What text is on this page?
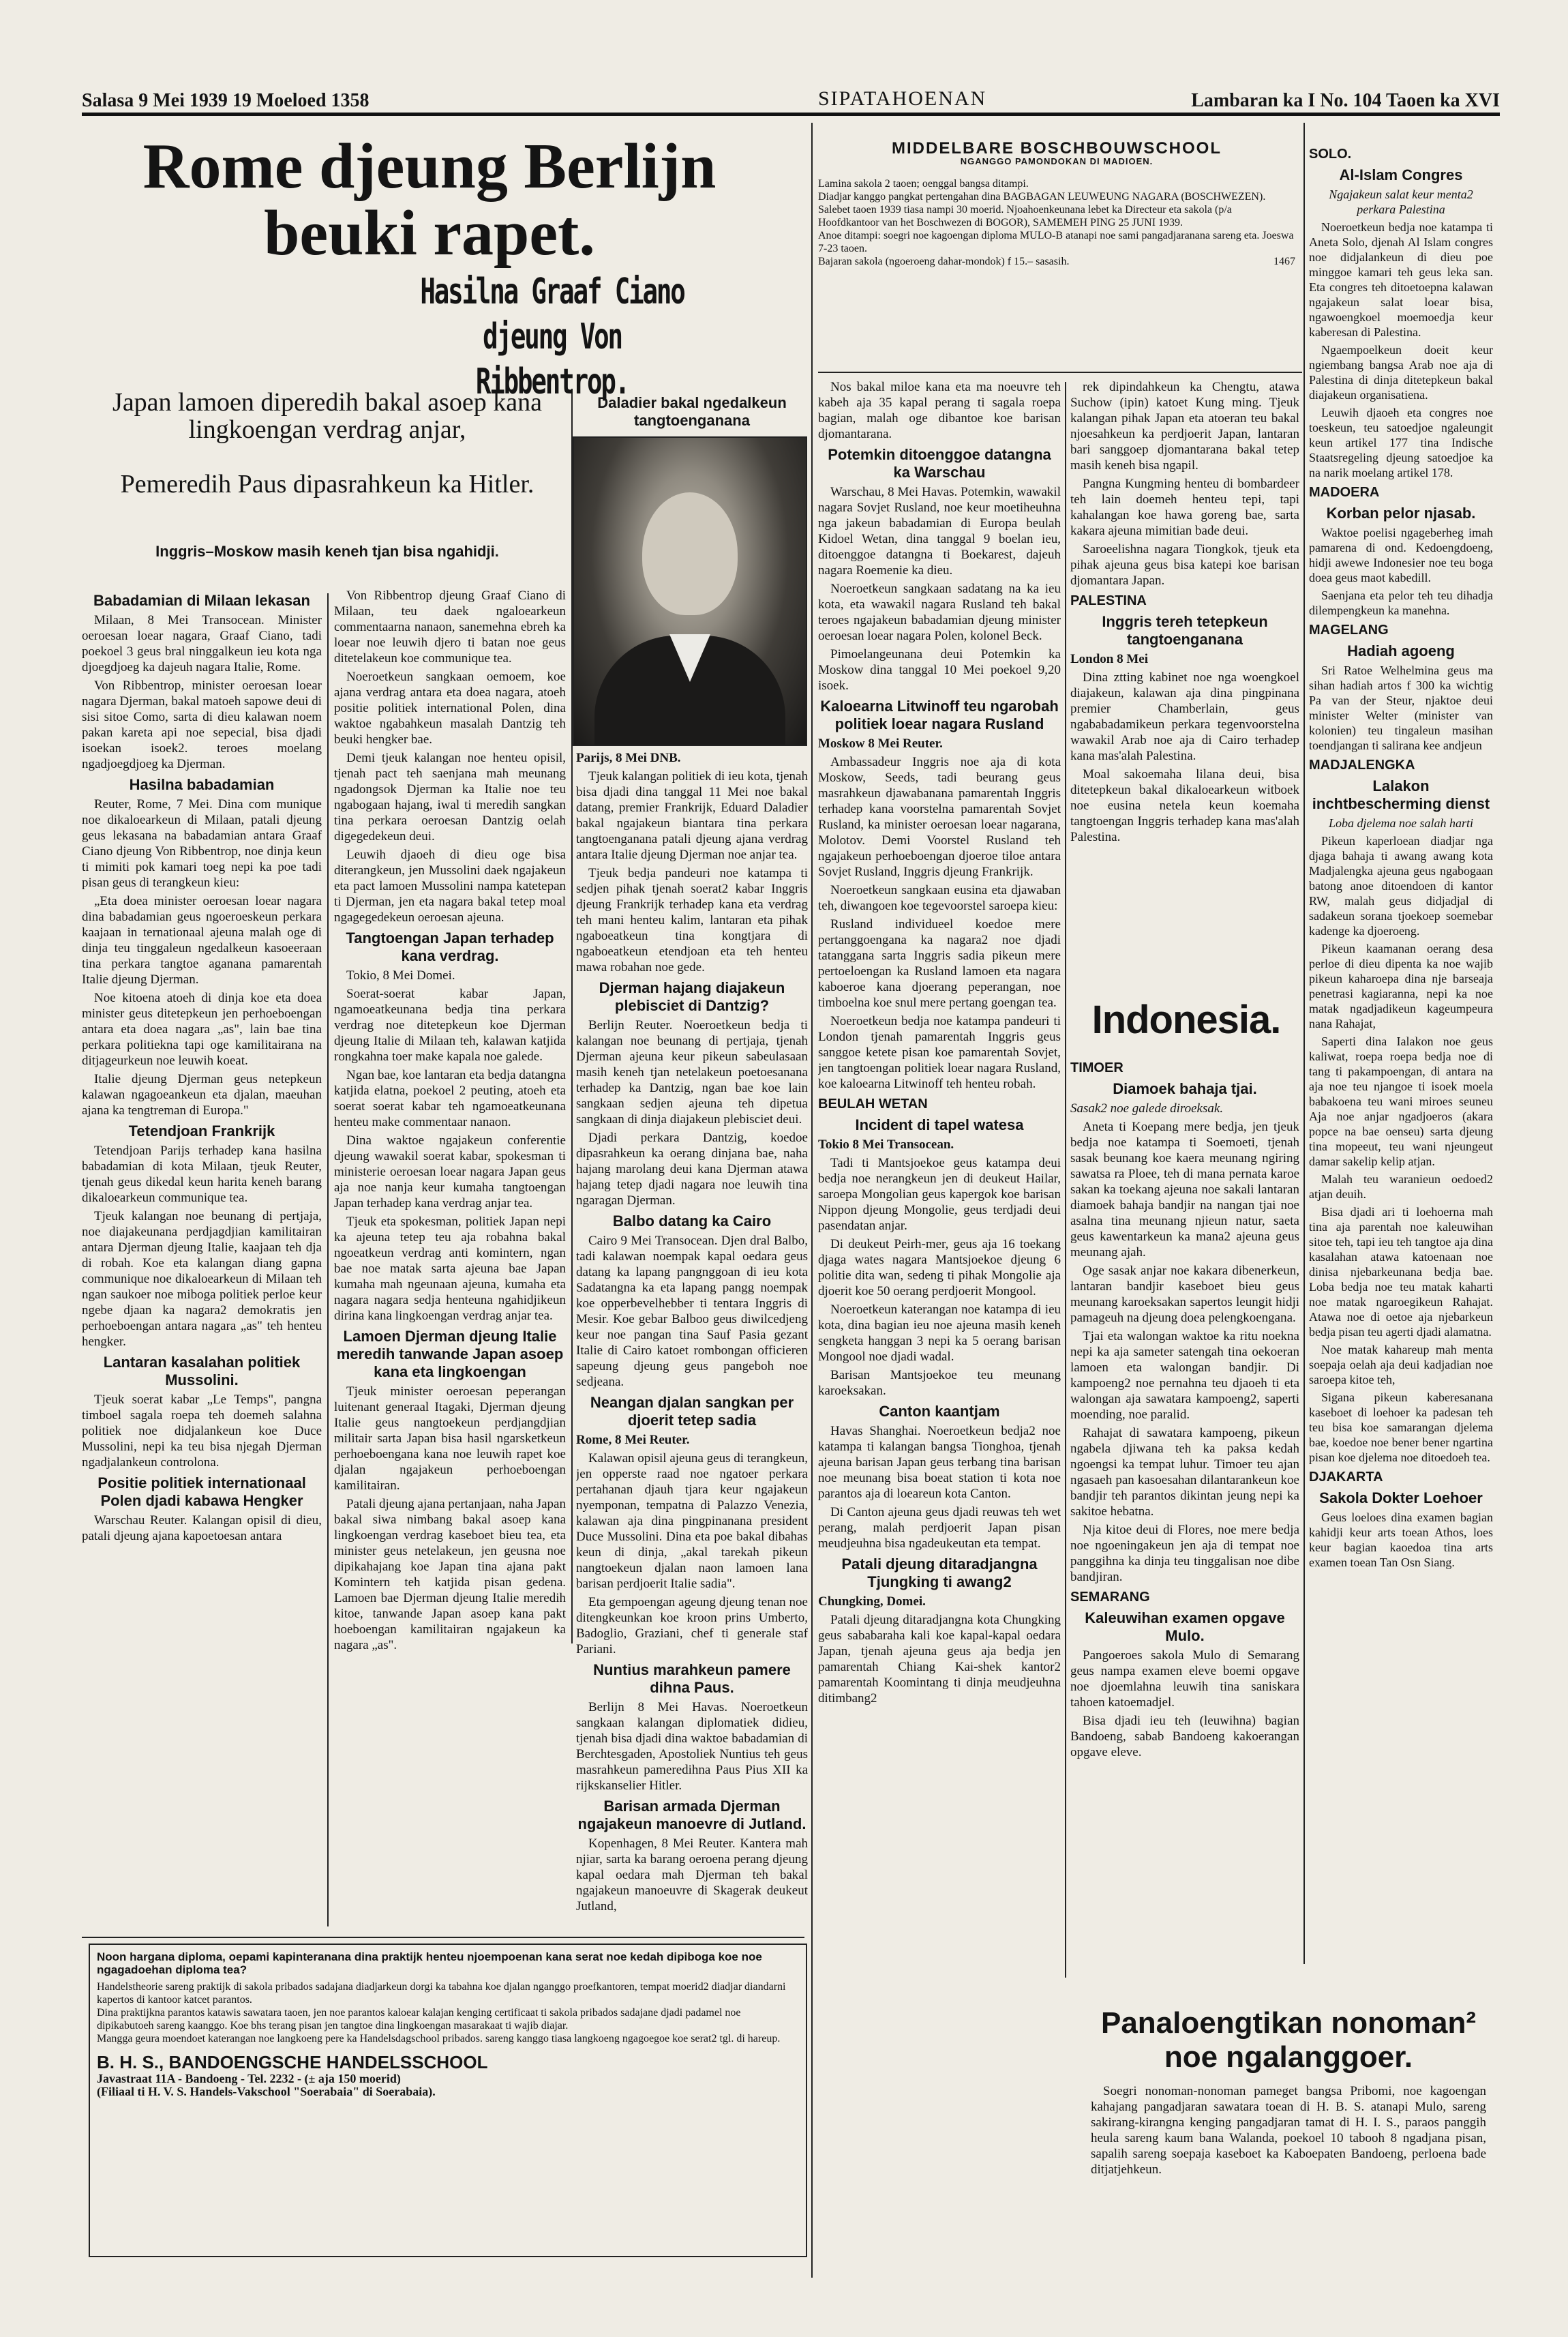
Salasa 9 Mei 1939 19 Moeloed 1358	SIPATAHOENAN	Lambaran ka I No. 104 Taoen ka XVI
Rome djeung Berlijn beuki rapet.
Hasilna Graaf Ciano djeung Von Ribbentrop.
Japan lamoen diperedih bakal asoep kana lingkoengan verdrag anjar,
Pemeredih Paus dipasrahkeun ka Hitler.
Inggris–Moskow masih keneh tjan bisa ngahidji.
Babadamian di Milaan lekasan

Milaan, 8 Mei Transocean. Minister oeroesan loear nagara, Graaf Ciano, tadi poekoel 3 geus bral ninggalkeun ieu kota nga djoegdjoeg ka dajeuh nagara Italie, Rome.

Von Ribbentrop, minister oeroesan loear nagara Djerman, bakal matoeh sapowe deui di sisi sitoe Como, sarta di dieu kalawan noem pakan kareta api noe sepecial, bisa djadi isoekan isoek2. teroes moelang ngadjoegdjoeg ka Djerman.

Hasilna babadamian

Reuter, Rome, 7 Mei. Dina com munique noe dikaloearkeun di Milaan, patali djeung geus lekasana na babadamian antara Graaf Ciano djeung Von Ribbentrop, noe dinja keun ti mimiti pok kamari toeg nepi ka poe tadi pisan geus di terangkeun kieu:

„Eta doea minister oeroesan loear nagara dina babadamian geus ngoeroeskeun perkara kaajaan in ternationaal ajeuna malah oge di dinja teu tinggaleun ngedalkeun kasoeeraan tina perkara tangtoe aganana pamarentah Italie djeung Djerman.

Noe kitoena atoeh di dinja koe eta doea minister geus ditetepkeun jen perhoeboengan antara eta doea nagara „as", lain bae tina perkara politiekna tapi oge kamilitairana na ditjageurkeun noe leuwih koeat.

Italie djeung Djerman geus netepkeun kalawan ngagoeankeun eta djalan, maeuhan ajana ka tengtreman di Europa."

Tetendjoan Frankrijk

Tetendjoan Parijs terhadep kana hasilna babadamian di kota Milaan, tjeuk Reuter, tjenah geus dikedal keun harita keneh barang dikaloearkeun communique tea.

Tjeuk kalangan noe beunang di pertjaja, noe diajakeunana perdjagdjian kamilitairan antara Djerman djeung Italie, kaajaan teh dja di robah. Koe eta kalangan diang gapna communique noe dikaloearkeun di Milaan teh ngan saukoer noe miboga politiek perloe keur ngebe djaan ka nagara2 demokratis jen perhoeboengan antara nagara „as" teh henteu hengker.

Lantaran kasalahan politiek Mussolini.

Tjeuk soerat kabar „Le Temps", pangna timboel sagala roepa teh doemeh salahna politiek noe didjalankeun koe Duce Mussolini, nepi ka teu bisa njegah Djerman ngadjalankeun controlona.

Positie politiek internationaal Polen djadi kabawa Hengker

Warschau Reuter. Kalangan opisil di dieu, patali djeung ajana kapoetoesan antara

Von Ribbentrop djeung Graaf Ciano di Milaan, teu daek ngaloearkeun commentaarna nanaon, sanemehna ebreh ka loear noe leuwih djero ti batan noe geus ditetelakeun koe communique tea.

Noeroetkeun sangkaan oemoem, koe ajana verdrag antara eta doea nagara, atoeh positie politiek international Polen, dina waktoe ngabahkeun masalah Dantzig teh beuki hengker bae.

Demi tjeuk kalangan noe henteu opisil, tjenah pact teh saenjana mah meunang ngadongsok Djerman ka Italie noe teu ngabogaan hajang, iwal ti meredih sangkan tina perkara oeroesan Dantzig oelah digegedekeun deui.

Leuwih djaoeh di dieu oge bisa diterangkeun, jen Mussolini daek ngajakeun eta pact lamoen Mussolini nampa katetepan ti Djerman, jen eta nagara bakal tetep moal ngagegedekeun oeroesan ajeuna.

Tangtoengan Japan terhadep kana verdrag.

Tokio, 8 Mei Domei.

Soerat-soerat kabar Japan, ngamoeatkeunana bedja tina perkara verdrag noe ditetepkeun koe Djerman djeung Italie di Milaan teh, kalawan katjida rongkahna toer make kapala noe galede.

Ngan bae, koe lantaran eta bedja datangna katjida elatna, poekoel 2 peuting, atoeh eta soerat soerat kabar teh ngamoeatkeunana henteu make commentaar nanaon.

Dina waktoe ngajakeun conferentie djeung wawakil soerat kabar, spokesman ti ministerie oeroesan loear nagara Japan geus aja noe nanja keur kumaha tangtoengan Japan terhadep kana verdrag anjar tea.

Tjeuk eta spokesman, politiek Japan nepi ka ajeuna tetep teu aja robahna bakal ngoeatkeun verdrag anti komintern, ngan bae noe matak sarta ajeuna bae Japan kumaha mah ngeunaan ajeuna, kumaha eta nagara nagara sedja henteuna ngahidjikeun dirina kana lingkoengan verdrag anjar tea.

Lamoen Djerman djeung Italie meredih tanwande Japan asoep kana eta lingkoengan

Tjeuk minister oeroesan peperangan luitenant generaal Itagaki, Djerman djeung Italie geus nangtoekeun perdjangdjian militair sarta Japan bisa hasil ngarsketkeun perhoeboengana kana noe leuwih rapet koe djalan ngajakeun perhoeboengan kamilitairan.

Patali djeung ajana pertanjaan, naha Japan bakal siwa nimbang bakal asoep kana lingkoengan verdrag kaseboet bieu tea, eta minister geus netelakeun, jen geusna noe dipikahajang koe Japan tina ajana pakt Komintern teh katjida pisan gedena. Lamoen bae Djerman djeung Italie meredih kitoe, tanwande Japan asoep kana pakt hoeboengan kamilitairan ngajakeun ka nagara „as".

Daladier bakal ngedalkeun tangtoenganana

Parijs, 8 Mei DNB.

Tjeuk kalangan politiek di ieu kota, tjenah bisa djadi dina tanggal 11 Mei noe bakal datang, premier Frankrijk, Eduard Daladier bakal ngajakeun biantara tina perkara tangtoenganana patali djeung ajana verdrag antara Italie djeung Djerman noe anjar tea.

Tjeuk bedja pandeuri noe katampa ti sedjen pihak tjenah soerat2 kabar Inggris djeung Frankrijk terhadep kana eta verdrag teh mani henteu kalim, lantaran eta pihak ngaboeatkeun tina kongtjara di ngaboeatkeun etendjoan eta teh henteu mawa robahan noe gede.

Djerman hajang diajakeun plebisciet di Dantzig?

Berlijn Reuter. Noeroetkeun bedja ti kalangan noe beunang di pertjaja, tjenah Djerman ajeuna keur pikeun sabeulasaan masih keneh tjan netelakeun poetoesanana terhadep ka Dantzig, ngan bae koe lain sangkaan sedjen ajeuna teh dipetua sangkaan di dinja diajakeun plebisciet deui.

Djadi perkara Dantzig, koedoe dipasrahkeun ka oerang dinjana bae, naha hajang marolang deui kana Djerman atawa hajang tetep djadi nagara noe leuwih tina ngaragan Djerman.

Balbo datang ka Cairo

Cairo 9 Mei Transocean. Djen dral Balbo, tadi kalawan noempak kapal oedara geus datang ka lapang pangnggoan di ieu kota Sadatangna ka eta lapang pangg noempak koe opperbevelhebber ti tentara Inggris di Mesir. Koe gebar Balboo geus diwilcedjeng keur noe pangan tina Sauf Pasia gezant Italie di Cairo katoet rombongan officieren sapeung djeung geus pangeboh noe sedjeana.

Neangan djalan sangkan per djoerit tetep sadia

Rome, 8 Mei Reuter.

Kalawan opisil ajeuna geus di terangkeun, jen opperste raad noe ngatoer perkara pertahanan djauh tjara keur ngajakeun nyemponan, tempatna di Palazzo Venezia, kalawan aja dina pingpinanana president Duce Mussolini. Dina eta poe bakal dibahas keun di dinja, „akal tarekah pikeun nangtoekeun djalan naon lamoen lana barisan perdjoerit Italie sadia".

Eta gempoengan ageung djeung tenan noe ditengkeunkan koe kroon prins Umberto, Badoglio, Graziani, chef ti generale staf Pariani.

Nuntius marahkeun pamere dihna Paus.

Berlijn 8 Mei Havas. Noeroetkeun sangkaan kalangan diplomatiek didieu, tjenah bisa djadi dina waktoe babadamian di Berchtesgaden, Apostoliek Nuntius teh geus masrahkeun pameredihna Paus Pius XII ka rijkskanselier Hitler.

Barisan armada Djerman ngajakeun manoevre di Jutland.

Kopenhagen, 8 Mei Reuter. Kantera mah njiar, sarta ka barang oeroena perang djeung kapal oedara mah Djerman teh bakal ngajakeun manoeuvre di Skagerak deukeut Jutland,

MIDDELBARE BOSCHBOUWSCHOOL
NGANGGO PAMONDOKAN DI MADIOEN.
Lamina sakola 2 taoen; oenggal bangsa ditampi.
Diadjar kanggo pangkat pertengahan dina BAGBAGAN LEUWEUNG NAGARA (BOSCHWEZEN).
Salebet taoen 1939 tiasa nampi 30 moerid. Njoahoenkeunana lebet ka Directeur eta sakola (p/a Hoofdkantoor van het Boschwezen di BOGOR), SAMEMEH PING 25 JUNI 1939.
Anoe ditampi: soegri noe kagoengan diploma MULO-B atanapi noe sami pangadjaranana sareng eta. Joeswa 7-23 taoen.
Bajaran sakola (ngoeroeng dahar-mondok) f 15.– sasasih.	1467

Nos bakal miloe kana eta ma noeuvre teh kabeh aja 35 kapal perang ti sagala roepa bagian, malah oge dibantoe koe barisan djomantarana.

Potemkin ditoenggoe datangna ka Warschau

Warschau, 8 Mei Havas. Potemkin, wawakil nagara Sovjet Rusland, noe keur moetiheuhna nga jakeun babadamian di Europa beulah Kidoel Wetan, dina tanggal 9 boelan ieu, ditoenggoe datangna ti Boekarest, dajeuh nagara Roemenie ka dieu.

Noeroetkeun sangkaan sadatang na ka ieu kota, eta wawakil nagara Rusland teh bakal teroes ngajakeun babadamian djeung minister oeroesan loear nagara Polen, kolonel Beck.

Pimoelangeunana deui Potemkin ka Moskow dina tanggal 10 Mei poekoel 9,20 isoek.

Kaloearna Litwinoff teu ngarobah politiek loear nagara Rusland

Moskow 8 Mei Reuter.

Ambassadeur Inggris noe aja di kota Moskow, Seeds, tadi beurang geus masrahkeun djawabanana pamarentah Inggris terhadep kana voorstelna pamarentah Sovjet Rusland, ka minister oeroesan loear nagarana, Molotov. Demi Voorstel Rusland teh ngajakeun perhoeboengan djoeroe tiloe antara Sovjet Rusland, Inggris djeung Frankrijk.

Noeroetkeun sangkaan eusina eta djawaban teh, diwangoen koe tegevoorstel saroepa kieu:

Rusland individueel koedoe mere pertanggoengana ka nagara2 noe djadi tatanggana sarta Inggris sadia pikeun mere pertoeloengan ka Rusland lamoen eta nagara kaboeroe kana djoerang peperangan, noe timboelna koe snul mere pertang goengan tea.

Noeroetkeun bedja noe katampa pandeuri ti London tjenah pamarentah Inggris geus sanggoe ketete pisan koe pamarentah Sovjet, jen tangtoengan politiek loear nagara Rusland, koe kaloearna Litwinoff teh henteu robah.

BEULAH WETAN
Incident di tapel watesa

Tokio 8 Mei Transocean.

Tadi ti Mantsjoekoe geus katampa deui bedja noe nerangkeun jen di deukeut Hailar, saroepa Mongolian geus kapergok koe barisan Nippon djeung Mongolie, geus terdjadi deui pasendatan anjar.

Di deukeut Peirh-mer, geus aja 16 toekang djaga wates nagara Mantsjoekoe djeung 6 politie dita wan, sedeng ti pihak Mongolie aja djoerit koe 50 oerang perdjoerit Mongool.

Noeroetkeun katerangan noe katampa di ieu kota, dina bagian ieu noe ajeuna masih keneh sengketa hanggan 3 nepi ka 5 oerang barisan Mongool noe djadi wadal.

Barisan Mantsjoekoe teu meunang karoeksakan.

Canton kaantjam

Havas Shanghai. Noeroetkeun bedja2 noe katampa ti kalangan bangsa Tionghoa, tjenah ajeuna barisan Japan geus terbang tina barisan noe meunang bisa boeat station ti kota noe parantos aja di loeareun kota Canton.

Di Canton ajeuna geus djadi reuwas teh wet perang, malah perdjoerit Japan pisan meudjeuhna bisa ngadeukeutan eta tempat.

Patali djeung ditaradjangna Tjungking ti awang2

Chungking, Domei.

Patali djeung ditaradjangna kota Chungking geus sababaraha kali koe kapal-kapal oedara Japan, tjenah ajeuna geus aja bedja jen pamarentah Chiang Kai-shek kantor2 pamarentah Koomintang ti dinja meudjeuhna ditimbang2

rek dipindahkeun ka Chengtu, atawa Suchow (ipin) katoet Kung ming. Tjeuk kalangan pihak Japan eta atoeran teu bakal njoesahkeun ka perdjoerit Japan, lantaran bari sanggoep djomantarana bakal tetep masih keneh bisa ngapil.

Pangna Kungming henteu di bombardeer teh lain doemeh henteu tepi, tapi kahalangan koe hawa goreng bae, sarta kakara ajeuna mimitian bade deui.

Saroeelishna nagara Tiongkok, tjeuk eta pihak ajeuna geus bisa katepi koe barisan djomantara Japan.

PALESTINA
Inggris tereh tetepkeun tangtoenganana

London 8 Mei

Dina ztting kabinet noe nga woengkoel diajakeun, kalawan aja dina pingpinana premier Chamberlain, geus ngababadamikeun perkara tegenvoorstelna wawakil Arab noe aja di Cairo terhadep kana mas'alah Palestina.

Moal sakoemaha lilana deui, bisa ditetepkeun bakal dikaloearkeun witboek noe eusina netela keun koemaha tangtoengan Inggris terhadep kana mas'alah Palestina.

Indonesia.
TIMOER
Diamoek bahaja tjai.

Sasak2 noe galede diroeksak.

Aneta ti Koepang mere bedja, jen tjeuk bedja noe katampa ti Soemoeti, tjenah sasak beunang koe kaera meunang ngiring sawatsa ra Ploee, teh di mana pernata karoe sakan ka toekang ajeuna noe sakali lantaran diamoek bahaja bandjir na nangan tjai noe asalna tina meunang njieun natur, saeta geus kawentarkeun ka mana2 ajeuna geus meunang ajah.

Oge sasak anjar noe kakara dibenerkeun, lantaran bandjir kaseboet bieu geus meunang karoeksakan sapertos leungit hidji pamageuh na djeung doea pelengkoengana.

Tjai eta walongan waktoe ka ritu noekna nepi ka aja sameter satengah tina oekoeran lamoen eta walongan bandjir. Di kampoeng2 noe pernahna teu djaoeh ti eta walongan aja sawatara kampoeng2, saperti moending, noe paralid.

Rahajat di sawatara kampoeng, pikeun ngabela djiwana teh ka paksa kedah ngoengsi ka tempat luhur. Timoer teu ajan ngasaeh pan kasoesahan dilantarankeun koe bandjir teh parantos dikintan jeung nepi ka sakitoe hebatna.

Nja kitoe deui di Flores, noe mere bedja noe ngoeningakeun jen aja di tempat noe panggihna ka dinja teu tinggalisan noe dibe bandjiran.

SEMARANG
Kaleuwihan examen opgave Mulo.

Pangoeroes sakola Mulo di Semarang geus nampa examen eleve boemi opgave noe djoemlahna leuwih tina saniskara tahoen katoemadjel.

Bisa djadi ieu teh (leuwihna) bagian Bandoeng, sabab Bandoeng kakoerangan opgave eleve.

SOLO.
Al-Islam Congres

Ngajakeun salat keur menta2 perkara Palestina

Noeroetkeun bedja noe katampa ti Aneta Solo, djenah Al Islam congres noe didjalankeun di dieu poe minggoe kamari teh geus leka san. Eta congres teh ditoetoepna kalawan ngajakeun salat loear bisa, ngawoengkoel moemoedja keur kaberesan di Palestina.

Ngaempoelkeun doeit keur ngiembang bangsa Arab noe aja di Palestina di dinja ditetepkeun bakal diajakeun organisatiena.

Leuwih djaoeh eta congres noe toeskeun, teu satoedjoe ngaleungit keun artikel 177 tina Indische Staatsregeling djeung satoedjoe ka na narik moelang artikel 178.

MADOERA
Korban pelor njasab.

Waktoe poelisi ngageberheg imah pamarena di ond. Kedoengdoeng, hidji awewe Indonesier noe teu boga doea geus maot kabedill.

Saenjana eta pelor teh teu dihadja dilempengkeun ka manehna.

MAGELANG
Hadiah agoeng

Sri Ratoe Welhelmina geus ma sihan hadiah artos f 300 ka wichtig Pa van der Steur, njaktoe deui minister Welter (minister van kolonien) teu tingaleun masihan toendjangan ti salirana kee andjeun

MADJALENGKA
Lalakon inchtbescherming dienst

Loba djelema noe salah harti

Pikeun kaperloean diadjar nga djaga bahaja ti awang awang kota Madjalengka ajeuna geus ngabogaan batong anoe ditoendoen di kantor RW, malah geus didjadjal di sadakeun sorana tjoekoep soemebar kadenge ka djoeroeng.

Pikeun kaamanan oerang desa perloe di dieu dipenta ka noe wajib pikeun kaharoepa dina nje barseaja penetrasi kagiaranna, nepi ka noe matak ngadjadikeun kageumpeura nana Rahajat,

Saperti dina Ialakon noe geus kaliwat, roepa roepa bedja noe di tang ti pakampoengan, di antara na aja noe teu njangoe ti isoek moela babakoena teu wani miroes seuneu Aja noe anjar ngadjoeros (akara popce na bae oenseu) sarta djeung tina mopeeut, teu wani njeungeut damar sakelip kelip atjan.

Malah teu waranieun oedoed2 atjan deuih.

Bisa djadi ari ti loehoerna mah tina aja parentah noe kaleuwihan sitoe teh, tapi ieu teh tangtoe aja dina kasalahan atawa katoenaan noe dinisa njebarkeunana bedja bae. Loba bedja noe teu matak kaharti noe matak ngaroegikeun Rahajat. Atawa noe di oetoe aja njebarkeun bedja pisan teu agerti djadi alamatna.

Noe matak kahareup mah menta soepaja oelah aja deui kadjadian noe saroepa kitoe teh,

Sigana pikeun kaberesanana kaseboet di loehoer ka padesan teh teu bisa koe samarangan djelema bae, koedoe noe bener bener ngartina pisan koe djelema noe ditoedoeh tea.

DJAKARTA
Sakola Dokter Loehoer

Geus loeloes dina examen bagian kahidji keur arts toean Athos, loes keur bagian kaoedoa tina arts examen toean Tan Osn Siang.

Noon hargana diploma, oepami kapinteranana dina praktijk henteu njoempoenan kana serat noe kedah dipiboga koe noe ngagadoehan diploma tea?
Handelstheorie sareng praktijk di sakola pribados sadajana diadjarkeun dorgi ka tabahna koe djalan nganggo proefkantoren, tempat moerid2 diadjar diandarni kapertos di kantoor katcet parantos.
Dina praktijkna parantos katawis sawatara taoen, jen noe parantos kaloear kalajan kenging certificaat ti sakola pribados sadajane djadi padamel noe dipikabutoeh sareng kaanggo. Koe bhs terang pisan jen tangtoe dina lingkoengan masarakaat ti wajib diajar.
Mangga geura moendoet katerangan noe langkoeng pere ka Handelsdagschool pribados. sareng kanggo tiasa langkoeng ngagoegoe koe serat2 tgl. di hareup.
B. H. S., BANDOENGSCHE HANDELSSCHOOL
Javastraat 11A - Bandoeng - Tel. 2232 - (± aja 150 moerid)
(Filiaal ti H. V. S. Handels-Vakschool "Soerabaia" di Soerabaia).
Panaloengtikan nonoman² noe ngalanggoer.

Soegri nonoman-nonoman pameget bangsa Pribomi, noe kagoengan kahajang pangadjaran sawatara toean di H. B. S. atanapi Mulo, sareng sakirang-kirangna kenging pangadjaran tamat di H. I. S., paraos panggih heula sareng kaum bana Walanda, poekoel 10 tabooh 8 ngadjana pisan, sapalih sareng soepaja kaseboet ka Kaboepaten Bandoeng, perloena bade ditjatjehkeun.
